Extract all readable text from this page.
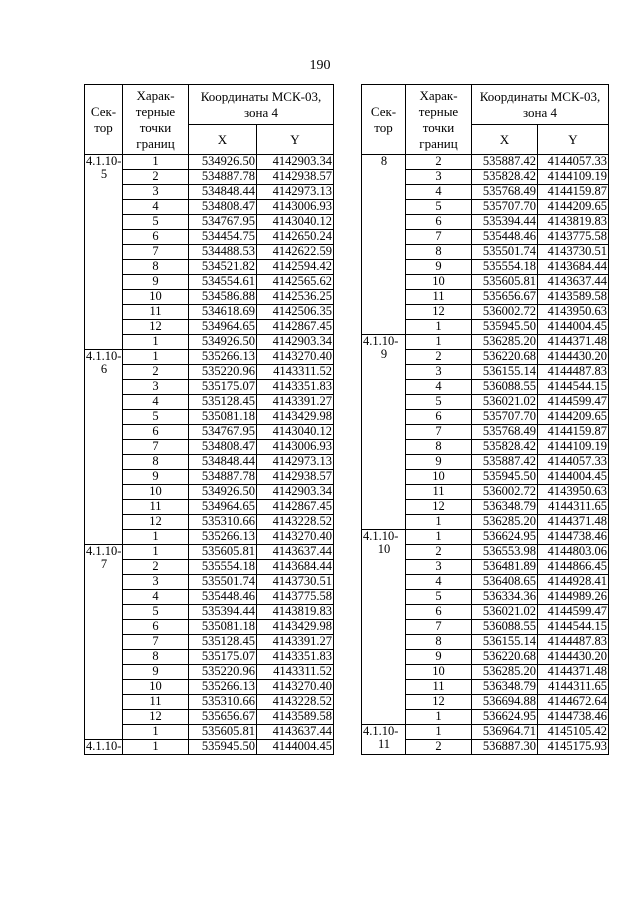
190
Сек-тор	Харак-терные точки границ	Координаты МСК-03, зона 4	
		X	Y
4.1.10-

5	1	534926.50	4142903.34
	2	534887.78	4142938.57
	3	534848.44	4142973.13
	4	534808.47	4143006.93
	5	534767.95	4143040.12
	6	534454.75	4142650.24
	7	534488.53	4142622.59
	8	534521.82	4142594.42
	9	534554.61	4142565.62
	10	534586.88	4142536.25
	11	534618.69	4142506.35
	12	534964.65	4142867.45
	1	534926.50	4142903.34
4.1.10-

6	1	535266.13	4143270.40
	2	535220.96	4143311.52
	3	535175.07	4143351.83
	4	535128.45	4143391.27
	5	535081.18	4143429.98
	6	534767.95	4143040.12
	7	534808.47	4143006.93
	8	534848.44	4142973.13
	9	534887.78	4142938.57
	10	534926.50	4142903.34
	11	534964.65	4142867.45
	12	535310.66	4143228.52
	1	535266.13	4143270.40
4.1.10-

7	1	535605.81	4143637.44
	2	535554.18	4143684.44
	3	535501.74	4143730.51
	4	535448.46	4143775.58
	5	535394.44	4143819.83
	6	535081.18	4143429.98
	7	535128.45	4143391.27
	8	535175.07	4143351.83
	9	535220.96	4143311.52
	10	535266.13	4143270.40
	11	535310.66	4143228.52
	12	535656.67	4143589.58
	1	535605.81	4143637.44
4.1.10-	1	535945.50	4144004.45
Сек-тор	Харак-терные точки границ	Координаты МСК-03, зона 4	
		X	Y
8	2	535887.42	4144057.33
	3	535828.42	4144109.19
	4	535768.49	4144159.87
	5	535707.70	4144209.65
	6	535394.44	4143819.83
	7	535448.46	4143775.58
	8	535501.74	4143730.51
	9	535554.18	4143684.44
	10	535605.81	4143637.44
	11	535656.67	4143589.58
	12	536002.72	4143950.63
	1	535945.50	4144004.45
4.1.10-

9	1	536285.20	4144371.48
	2	536220.68	4144430.20
	3	536155.14	4144487.83
	4	536088.55	4144544.15
	5	536021.02	4144599.47
	6	535707.70	4144209.65
	7	535768.49	4144159.87
	8	535828.42	4144109.19
	9	535887.42	4144057.33
	10	535945.50	4144004.45
	11	536002.72	4143950.63
	12	536348.79	4144311.65
	1	536285.20	4144371.48
4.1.10-

10	1	536624.95	4144738.46
	2	536553.98	4144803.06
	3	536481.89	4144866.45
	4	536408.65	4144928.41
	5	536334.36	4144989.26
	6	536021.02	4144599.47
	7	536088.55	4144544.15
	8	536155.14	4144487.83
	9	536220.68	4144430.20
	10	536285.20	4144371.48
	11	536348.79	4144311.65
	12	536694.88	4144672.64
	1	536624.95	4144738.46
4.1.10-

11	1	536964.71	4145105.42
	2	536887.30	4145175.93
